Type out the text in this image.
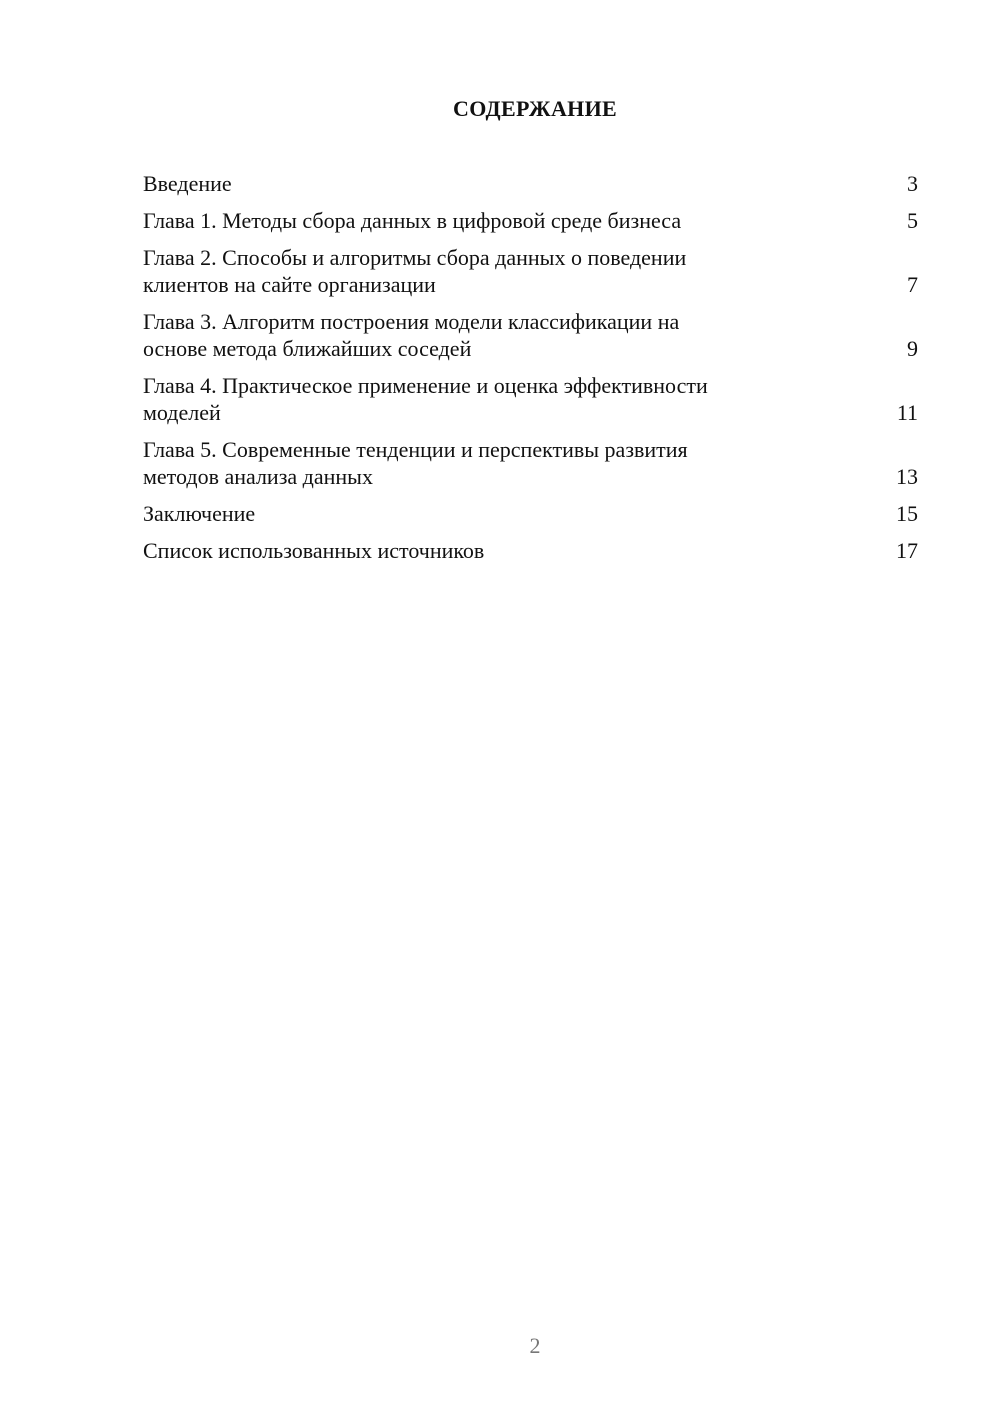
СОДЕРЖАНИЕ
Введение	3
Глава 1. Методы сбора данных в цифровой среде бизнеса	5
Глава 2. Способы и алгоритмы сбора данных о поведении
клиентов на сайте организации	7
Глава 3. Алгоритм построения модели классификации на
основе метода ближайших соседей	9
Глава 4. Практическое применение и оценка эффективности
моделей	11
Глава 5. Современные тенденции и перспективы развития
методов анализа данных	13
Заключение	15
Список использованных источников	17
2
